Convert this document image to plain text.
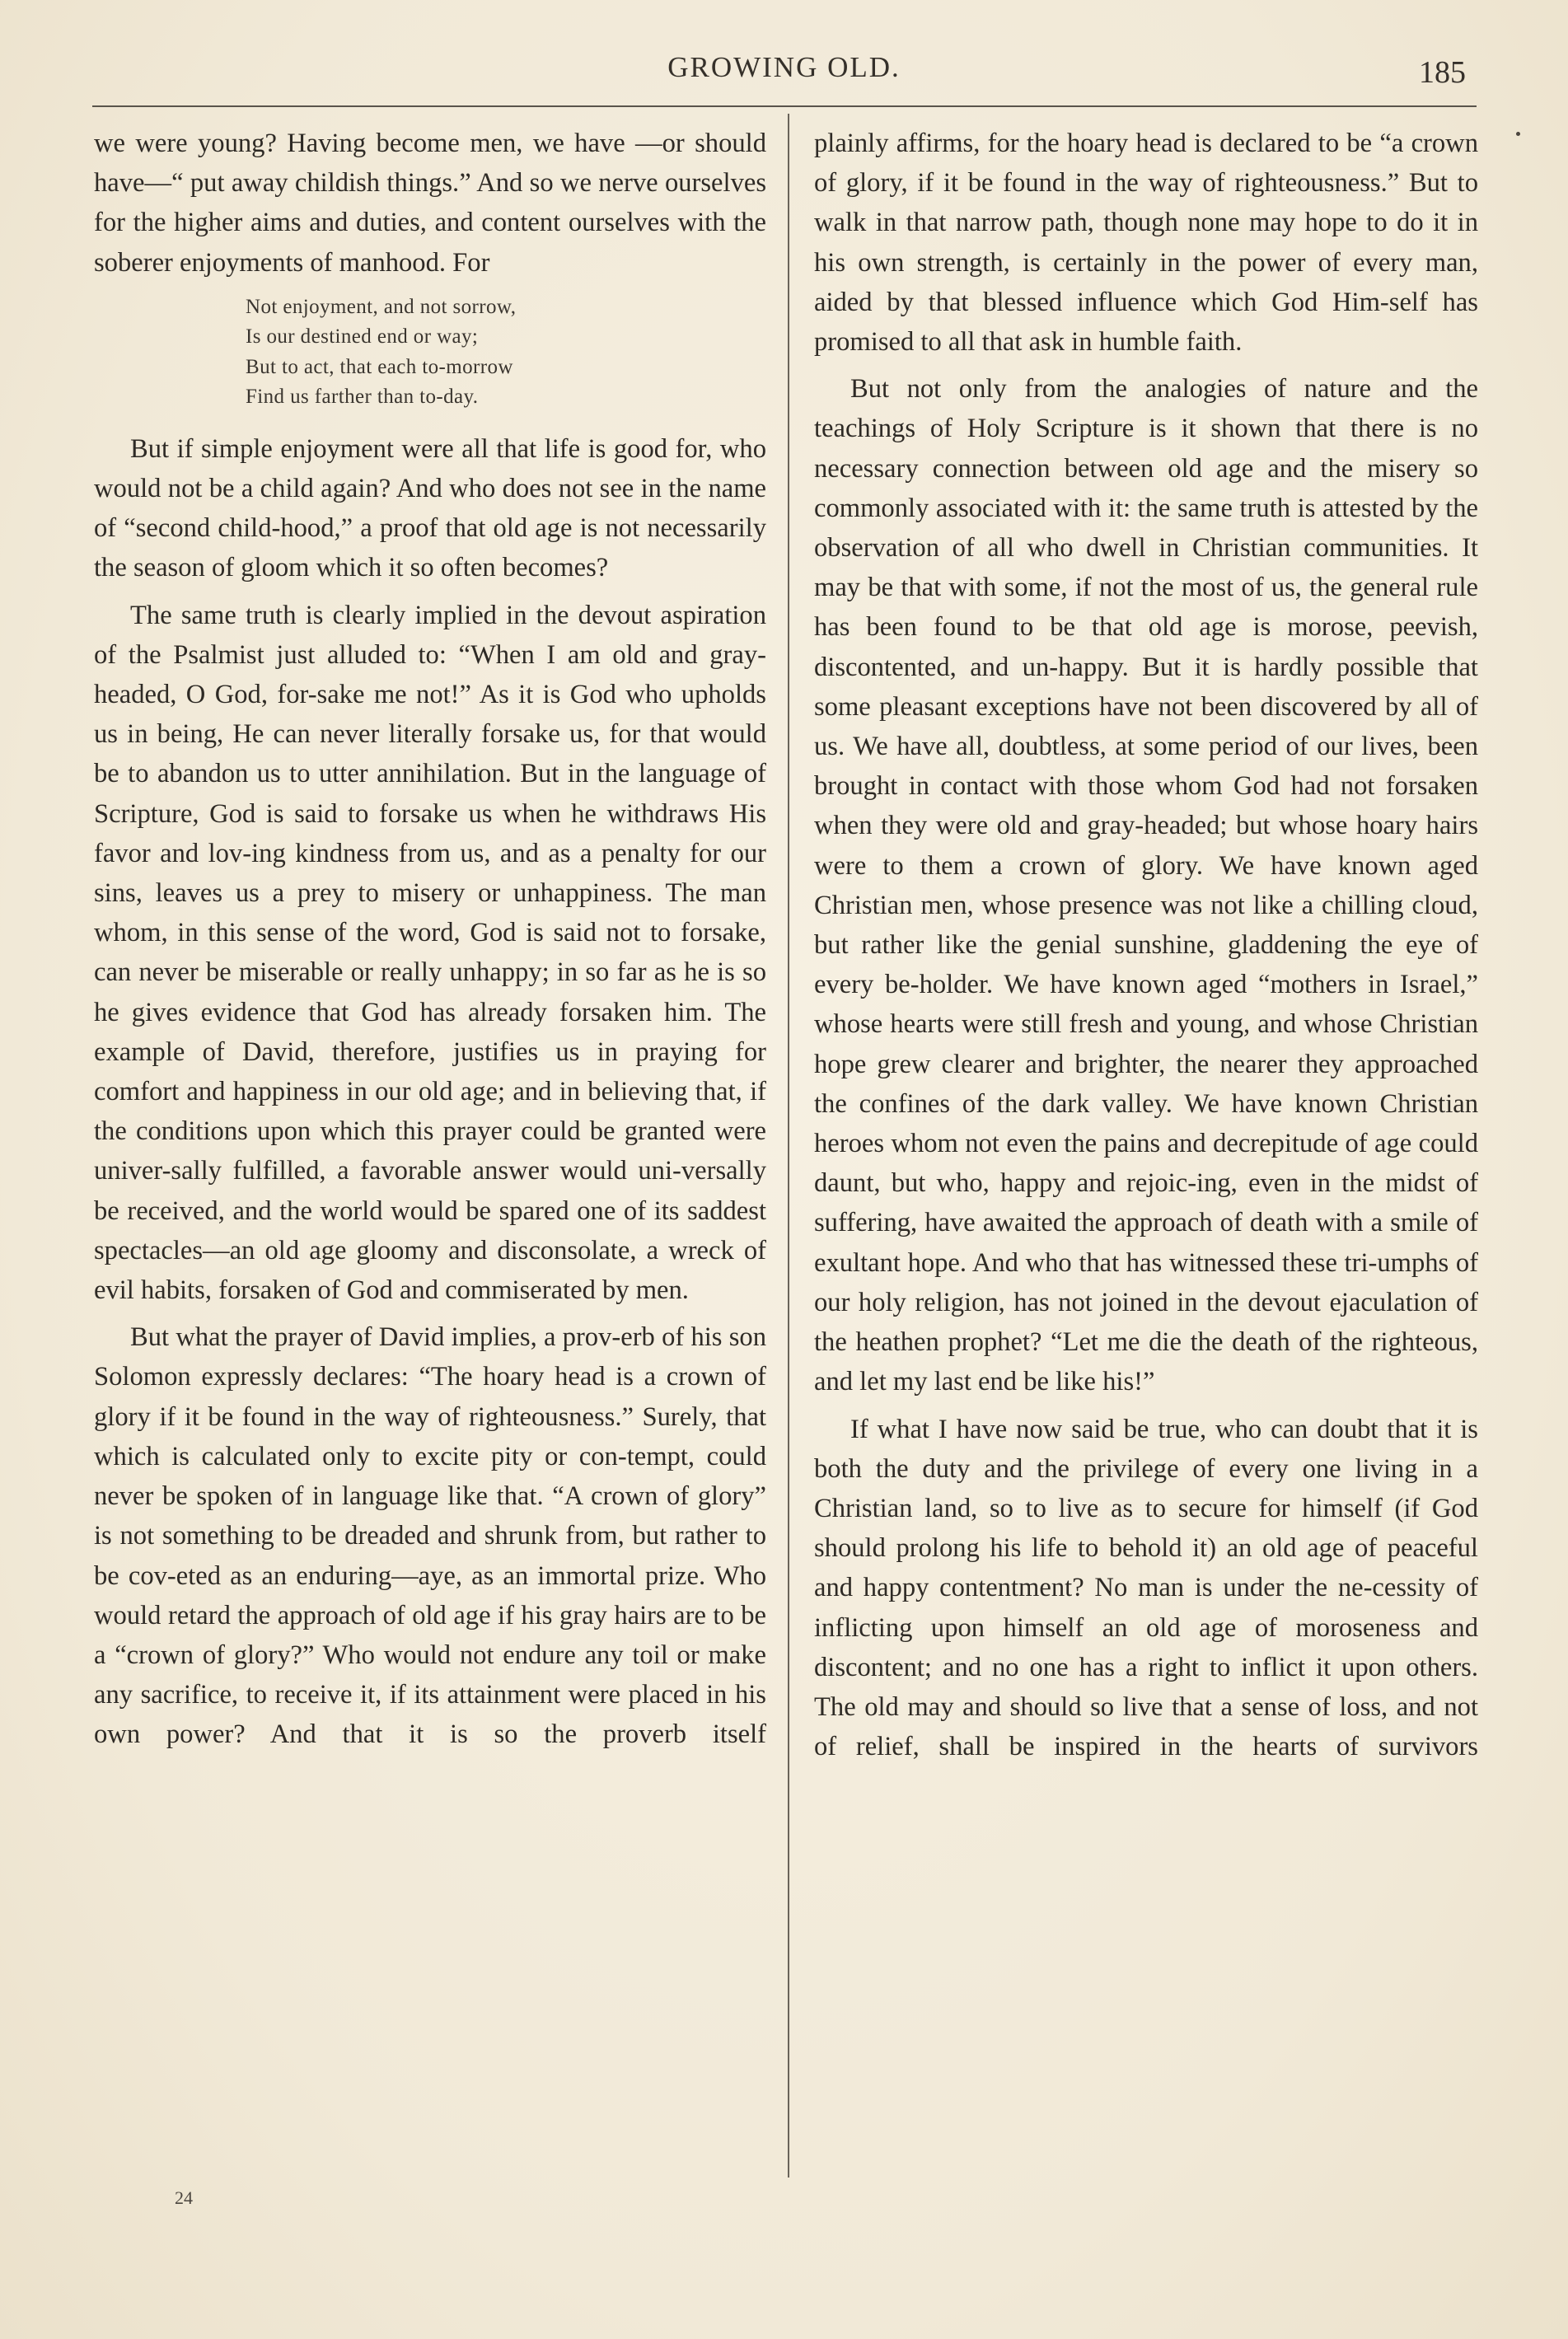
GROWING OLD.	185

we were young? Having become men, we have —or should have—“ put away childish things.” And so we nerve ourselves for the higher aims and duties, and content ourselves with the soberer enjoyments of manhood. For

Not enjoyment, and not sorrow,
Is our destined end or way;
But to act, that each to-morrow
Find us farther than to-day.

But if simple enjoyment were all that life is good for, who would not be a child again? And who does not see in the name of “second child-hood,” a proof that old age is not necessarily the season of gloom which it so often becomes?

The same truth is clearly implied in the devout aspiration of the Psalmist just alluded to: “When I am old and gray-headed, O God, for-sake me not!” As it is God who upholds us in being, He can never literally forsake us, for that would be to abandon us to utter annihilation. But in the language of Scripture, God is said to forsake us when he withdraws His favor and lov-ing kindness from us, and as a penalty for our sins, leaves us a prey to misery or unhappiness. The man whom, in this sense of the word, God is said not to forsake, can never be miserable or really unhappy; in so far as he is so he gives evidence that God has already forsaken him. The example of David, therefore, justifies us in praying for comfort and happiness in our old age; and in believing that, if the conditions upon which this prayer could be granted were univer-sally fulfilled, a favorable answer would uni-versally be received, and the world would be spared one of its saddest spectacles—an old age gloomy and disconsolate, a wreck of evil habits, forsaken of God and commiserated by men.

But what the prayer of David implies, a prov-erb of his son Solomon expressly declares: “The hoary head is a crown of glory if it be found in the way of righteousness.” Surely, that which is calculated only to excite pity or con-tempt, could never be spoken of in language like that. “A crown of glory” is not something to be dreaded and shrunk from, but rather to be cov-eted as an enduring—aye, as an immortal prize. Who would retard the approach of old age if his gray hairs are to be a “crown of glory?” Who would not endure any toil or make any sacrifice, to receive it, if its attainment were placed in his own power? And that it is so the proverb itself

plainly affirms, for the hoary head is declared to be “a crown of glory, if it be found in the way of righteousness.” But to walk in that narrow path, though none may hope to do it in his own strength, is certainly in the power of every man, aided by that blessed influence which God Him-self has promised to all that ask in humble faith.

But not only from the analogies of nature and the teachings of Holy Scripture is it shown that there is no necessary connection between old age and the misery so commonly associated with it: the same truth is attested by the observation of all who dwell in Christian communities. It may be that with some, if not the most of us, the general rule has been found to be that old age is morose, peevish, discontented, and un-happy. But it is hardly possible that some pleasant exceptions have not been discovered by all of us. We have all, doubtless, at some period of our lives, been brought in contact with those whom God had not forsaken when they were old and gray-headed; but whose hoary hairs were to them a crown of glory. We have known aged Christian men, whose presence was not like a chilling cloud, but rather like the genial sunshine, gladdening the eye of every be-holder. We have known aged “mothers in Israel,” whose hearts were still fresh and young, and whose Christian hope grew clearer and brighter, the nearer they approached the confines of the dark valley. We have known Christian heroes whom not even the pains and decrepitude of age could daunt, but who, happy and rejoic-ing, even in the midst of suffering, have awaited the approach of death with a smile of exultant hope. And who that has witnessed these tri-umphs of our holy religion, has not joined in the devout ejaculation of the heathen prophet? “Let me die the death of the righteous, and let my last end be like his!”

If what I have now said be true, who can doubt that it is both the duty and the privilege of every one living in a Christian land, so to live as to secure for himself (if God should prolong his life to behold it) an old age of peaceful and happy contentment? No man is under the ne-cessity of inflicting upon himself an old age of moroseness and discontent; and no one has a right to inflict it upon others. The old may and should so live that a sense of loss, and not of relief, shall be inspired in the hearts of survivors

24
